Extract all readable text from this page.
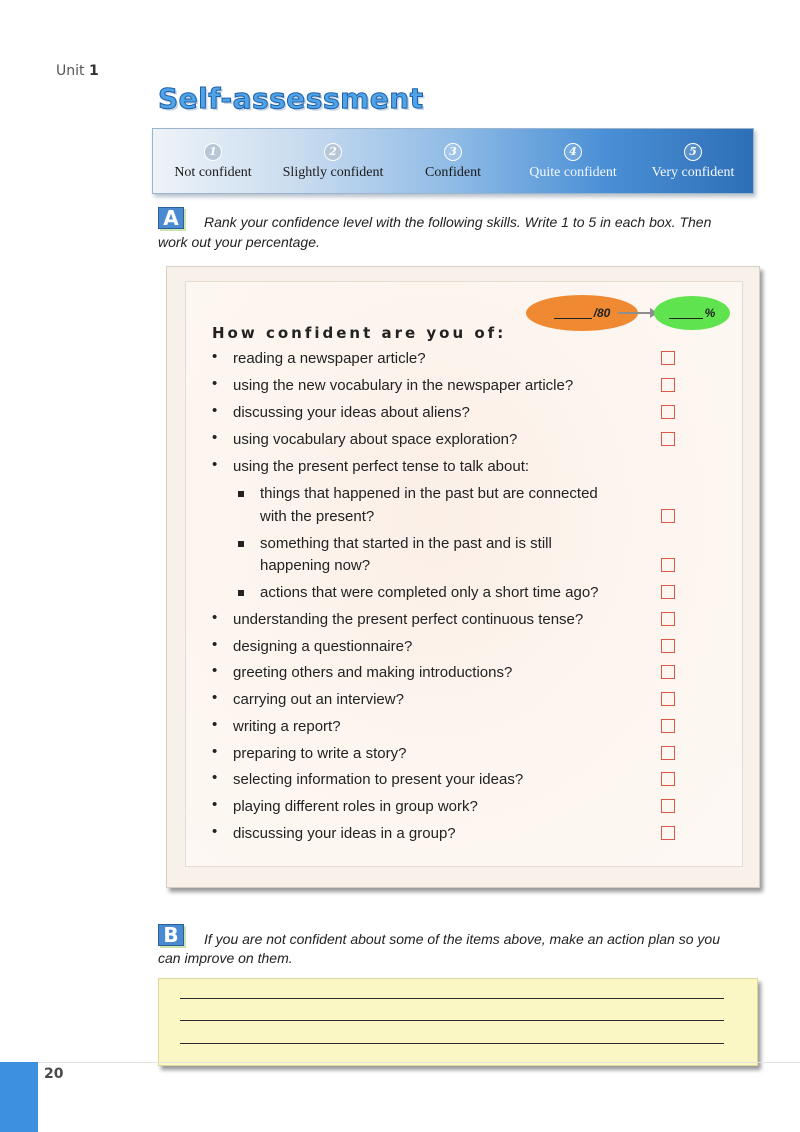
Unit 1
Self-assessment
1
Not confident
2
Slightly confident
3
Confident
4
Quite confident
5
Very confident
A	Rank your confidence level with the following skills. Write 1 to 5 in each box. Then
work out your percentage.
/80	%
How confident are you of:
• reading a newspaper article?
• using the new vocabulary in the newspaper article?
• discussing your ideas about aliens?
• using vocabulary about space exploration?
• using the present perfect tense to talk about:
things that happened in the past but are connected
with the present?
something that started in the past and is still
happening now?
actions that were completed only a short time ago?
• understanding the present perfect continuous tense?
• designing a questionnaire?
• greeting others and making introductions?
• carrying out an interview?
• writing a report?
• preparing to write a story?
• selecting information to present your ideas?
• playing different roles in group work?
• discussing your ideas in a group?
B	If you are not confident about some of the items above, make an action plan so you
can improve on them.
20
